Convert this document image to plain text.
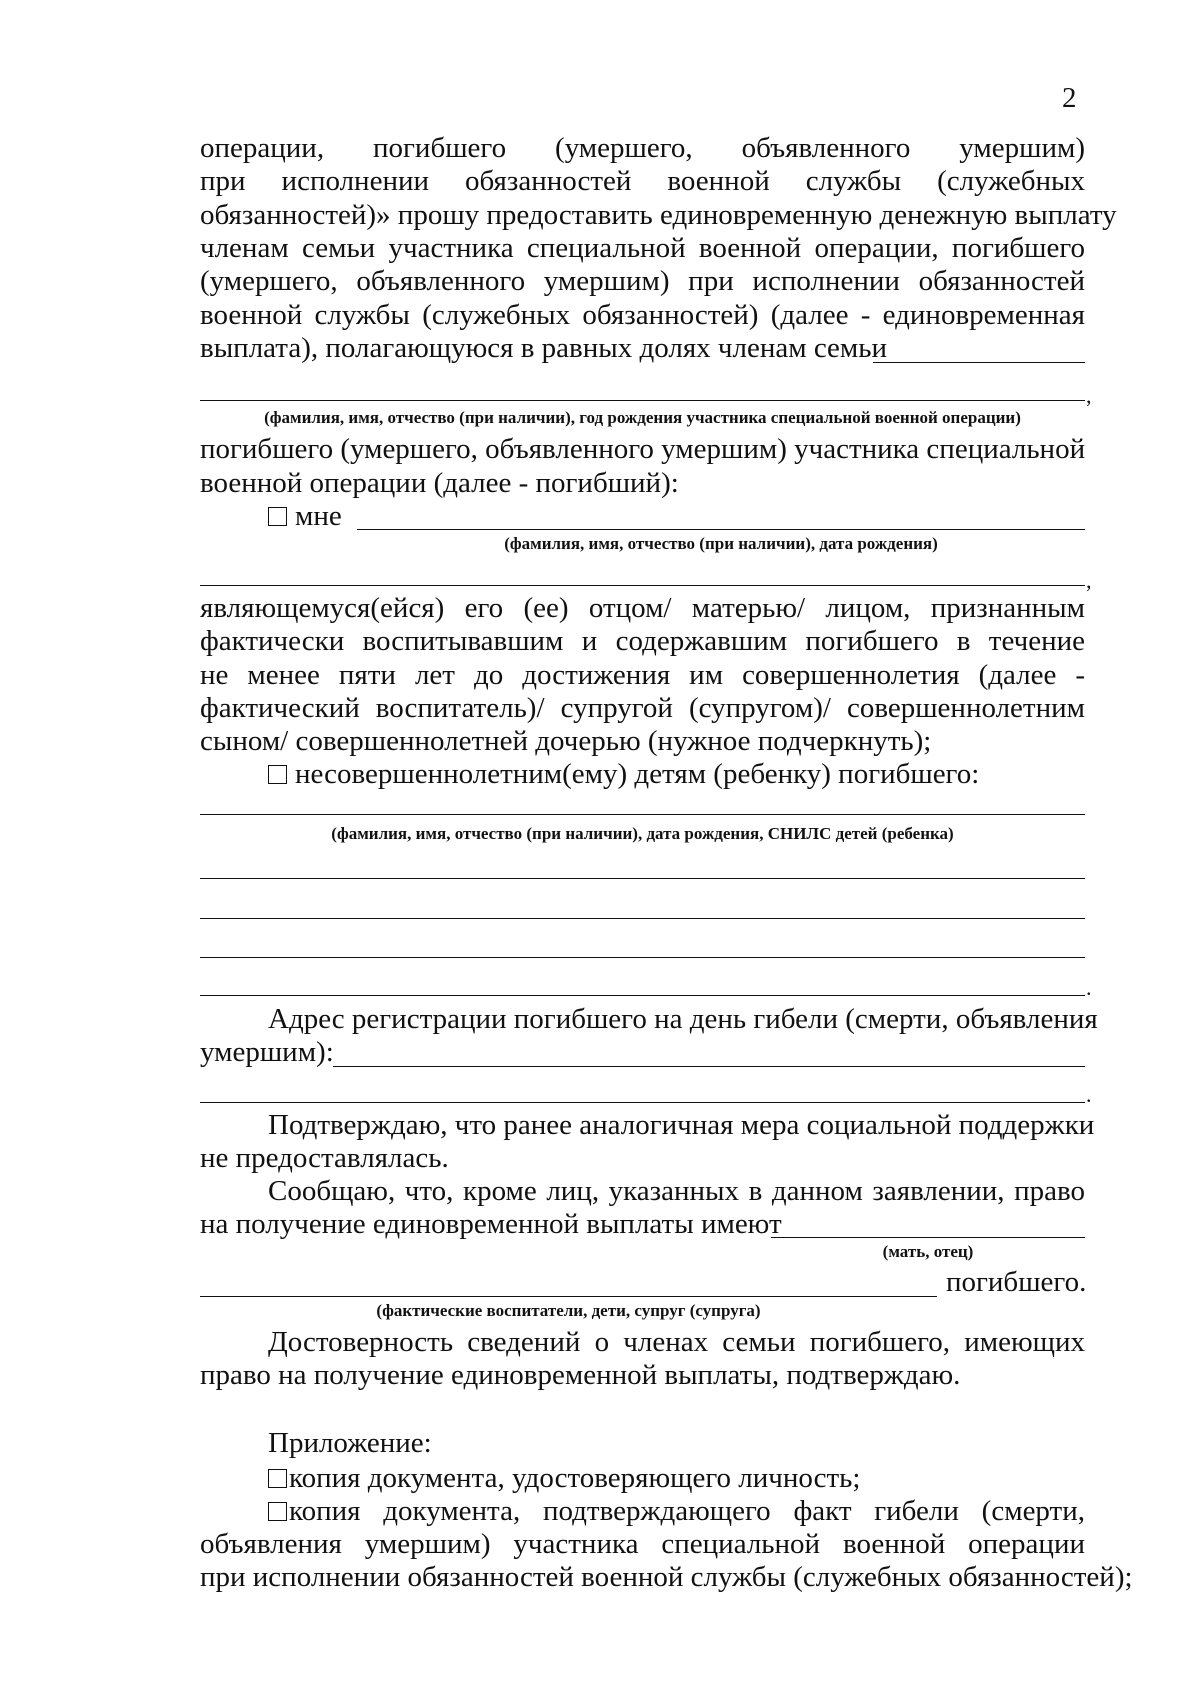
2
операции, погибшего (умершего, объявленного умершим)
при исполнении обязанностей военной службы (служебных
обязанностей)» прошу предоставить единовременную денежную выплату
членам семьи участника специальной военной операции, погибшего
(умершего, объявленного умершим) при исполнении обязанностей
военной службы (служебных обязанностей) (далее - единовременная
выплата), полагающуюся в равных долях членам семьи
,
(фамилия, имя, отчество (при наличии), год рождения участника специальной военной операции)
погибшего (умершего, объявленного умершим) участника специальной
военной операции (далее - погибший):
мне
(фамилия, имя, отчество (при наличии), дата рождения)
,
являющемуся(ейся) его (ее) отцом/ матерью/ лицом, признанным
фактически воспитывавшим и содержавшим погибшего в течение
не менее пяти лет до достижения им совершеннолетия (далее -
фактический воспитатель)/ супругой (супругом)/ совершеннолетним
сыном/ совершеннолетней дочерью (нужное подчеркнуть);
несовершеннолетним(ему) детям (ребенку) погибшего:
(фамилия, имя, отчество (при наличии), дата рождения, СНИЛС детей (ребенка)
.
Адрес регистрации погибшего на день гибели (смерти, объявления
умершим):
.
Подтверждаю, что ранее аналогичная мера социальной поддержки
не предоставлялась.
Сообщаю, что, кроме лиц, указанных в данном заявлении, право
на получение единовременной выплаты имеют
(мать, отец)
погибшего.
(фактические воспитатели, дети, супруг (супруга)
Достоверность сведений о членах семьи погибшего, имеющих
право на получение единовременной выплаты, подтверждаю.
Приложение:
копия документа, удостоверяющего личность;
копия документа, подтверждающего факт гибели (смерти,
объявления умершим) участника специальной военной операции
при исполнении обязанностей военной службы (служебных обязанностей);
